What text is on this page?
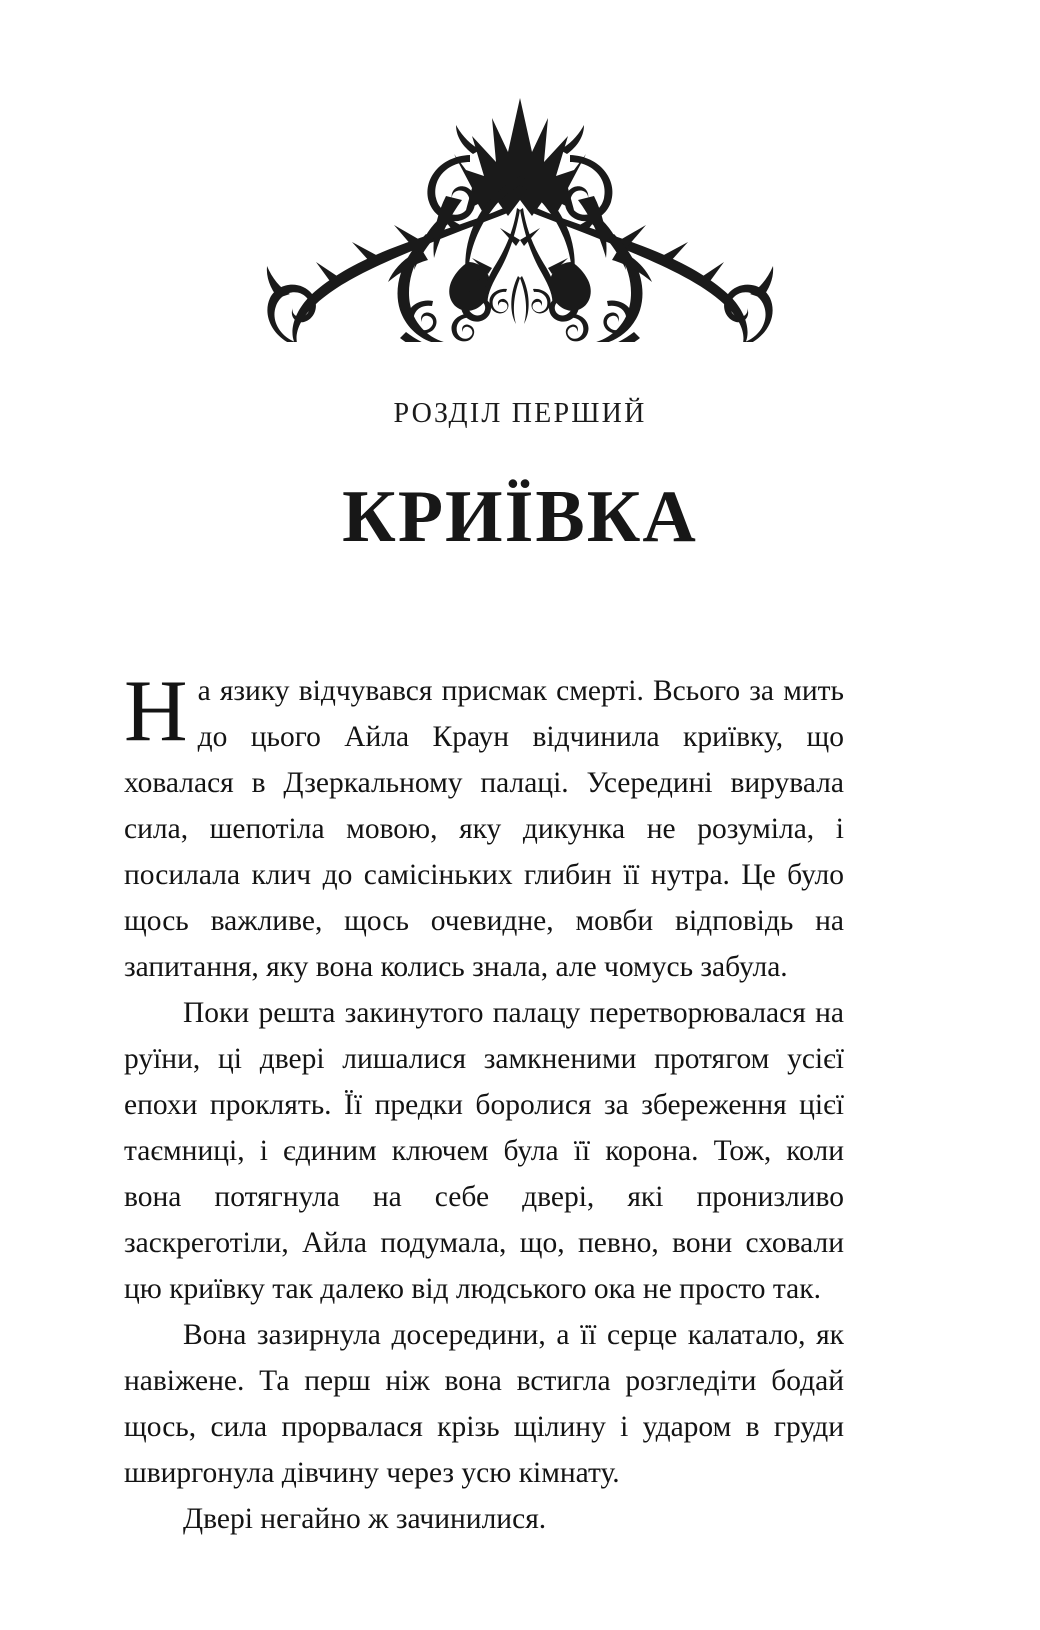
РОЗДІЛ ПЕРШИЙ
КРИЇВКА

На язику відчувався присмак смерті. Всього за мить до цього Айла Краун відчинила криївку, що ховалася в Дзеркальному палаці. Усередині вирувала сила, шепотіла мовою, яку дикунка не розуміла, і посилала клич до самісіньких глибин її нутра. Це було щось важливе, щось очевидне, мовби відповідь на запитання, яку вона колись знала, але чомусь забула.

Поки решта закинутого палацу перетворювалася на руїни, ці двері лишалися замкненими протягом усієї епохи проклять. Її предки боролися за збереження цієї таємниці, і єдиним ключем була її корона. Тож, коли вона потягнула на себе двері, які пронизливо заскреготіли, Айла подумала, що, певно, вони сховали цю криївку так далеко від людського ока не просто так.

Вона зазирнула досередини, а її серце калатало, як навіжене. Та перш ніж вона встигла розгледіти бодай щось, сила прорвалася крізь щілину і ударом в груди швиргонула дівчину через усю кімнату.

Двері негайно ж зачинилися.
